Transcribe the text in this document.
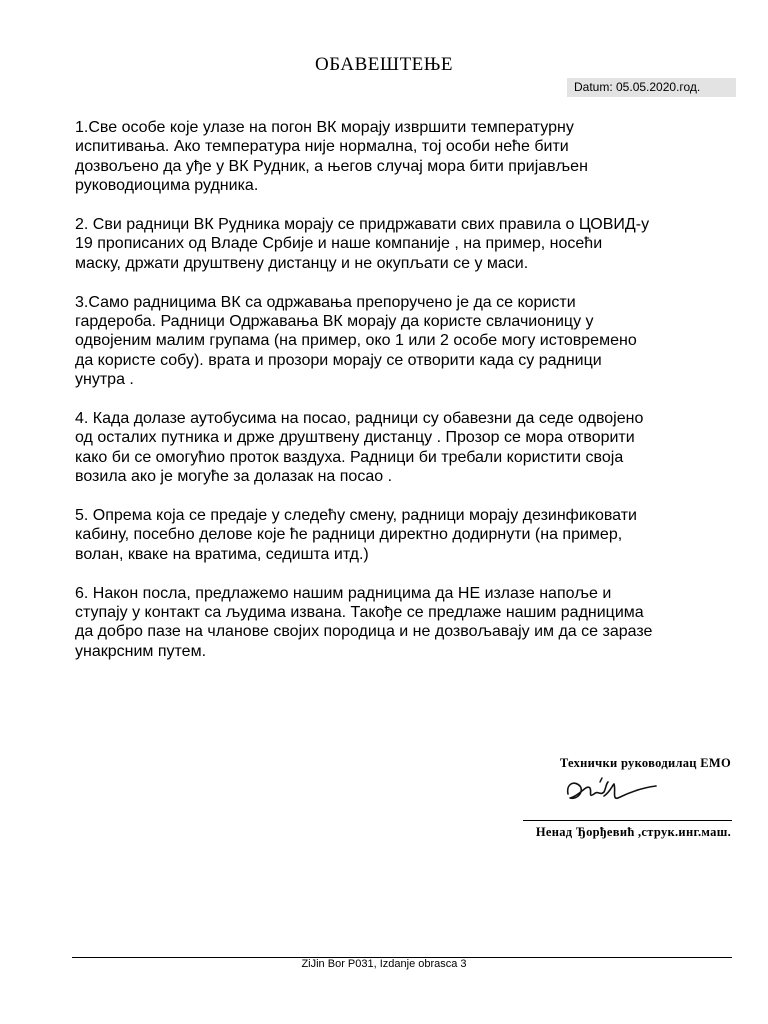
ОБАВЕШТЕЊЕ
Datum: 05.05.2020.год.

1.Све особе које улазе на погон ВК морају извршити температурну
испитивања. Ако температура није нормална, тој особи неће бити
дозвољено да уђе у ВК Рудник, а његов случај мора бити пријављен
руководиоцима рудника.

2. Сви радници ВК Рудника морају се придржавати свих правила о ЦОВИД-у
19 прописаних од Владе Србије и наше компаније , на пример, носећи
маску, држати друштвену дистанцу и не окупљати се у маси.

3.Само радницима ВК са одржавања препоручено је да се користи
гардероба. Радници Одржавања ВК морају да користе свлачионицу у
одвојеним малим групама (на пример, око 1 или 2 особе могу истовремено
да користе собу). врата и прозори морају се отворити када су радници
унутра .

4. Када долазе аутобусима на посао, радници су обавезни да седе одвојено
од осталих путника и држе друштвену дистанцу . Прозор се мора отворити
како би се омогућио проток ваздуха. Радници би требали користити своја
возила ако је могуће за долазак на посао .

5. Опрема која се предаје у следећу смену, радници морају дезинфиковати
кабину, посебно делове које ће радници директно додирнути (на пример,
волан, кваке на вратима, седишта итд.)

6. Након посла, предлажемо нашим радницима да НЕ излазе напоље и
ступају у контакт са људима извана. Такође се предлаже нашим радницима
да добро пазе на чланове својих породица и не дозвољавају им да се заразе
унакрсним путем.

Технички руководилац ЕМО
Ненад Ђорђевић ,струк.инг.маш.
ZiJin Bor P031, Izdanje obrasca 3
